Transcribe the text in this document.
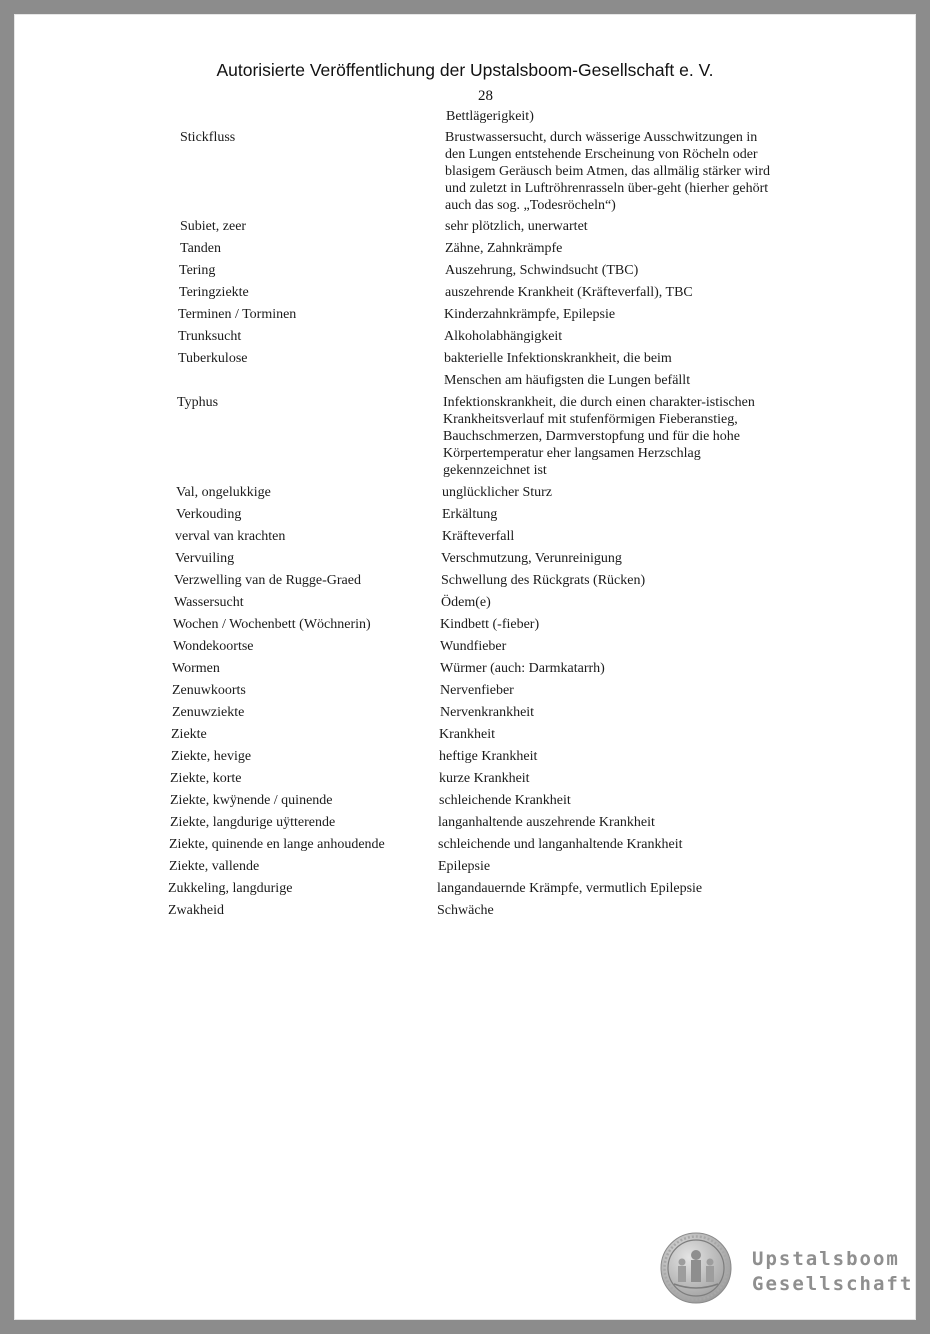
Autorisierte Veröffentlichung der Upstalsboom-Gesellschaft e. V.
28
Bettlägerigkeit)
Stickfluss	Brustwassersucht, durch wässerige Ausschwitzungen in
den Lungen entstehende Erscheinung von Röcheln oder
blasigem Geräusch beim Atmen, das allmälig stärker wird
und zuletzt in Luftröhrenrasseln über-geht (hierher gehört
auch das sog. „Todesröcheln“)
Subiet, zeer	sehr plötzlich, unerwartet
Tanden	Zähne, Zahnkrämpfe
Tering	Auszehrung, Schwindsucht (TBC)
Teringziekte	auszehrende Krankheit (Kräfteverfall), TBC
Terminen / Torminen	Kinderzahnkrämpfe, Epilepsie
Trunksucht	Alkoholabhängigkeit
Tuberkulose	bakterielle Infektionskrankheit, die beim
Menschen am häufigsten die Lungen befällt
Typhus	Infektionskrankheit, die durch einen charakter-istischen
Krankheitsverlauf mit stufenförmigen Fieberanstieg,
Bauchschmerzen, Darmverstopfung und für die hohe
Körpertemperatur eher langsamen Herzschlag
gekennzeichnet ist
Val, ongelukkige	unglücklicher Sturz
Verkouding	Erkältung
verval van krachten	Kräfteverfall
Vervuiling	Verschmutzung, Verunreinigung
Verzwelling van de Rugge-Graed	Schwellung des Rückgrats (Rücken)
Wassersucht	Ödem(e)
Wochen / Wochenbett (Wöchnerin)	Kindbett (-fieber)
Wondekoortse	Wundfieber
Wormen	Würmer (auch: Darmkatarrh)
Zenuwkoorts	Nervenfieber
Zenuwziekte	Nervenkrankheit
Ziekte	Krankheit
Ziekte, hevige	heftige Krankheit
Ziekte, korte	kurze Krankheit
Ziekte, kwÿnende / quinende	schleichende Krankheit
Ziekte, langdurige uÿtterende	langanhaltende auszehrende Krankheit
Ziekte, quinende en lange anhoudende	schleichende und langanhaltende Krankheit
Ziekte, vallende	Epilepsie
Zukkeling, langdurige	langandauernde Krämpfe, vermutlich Epilepsie
Zwakheid	Schwäche
Upstalsboom
Gesellschaft
